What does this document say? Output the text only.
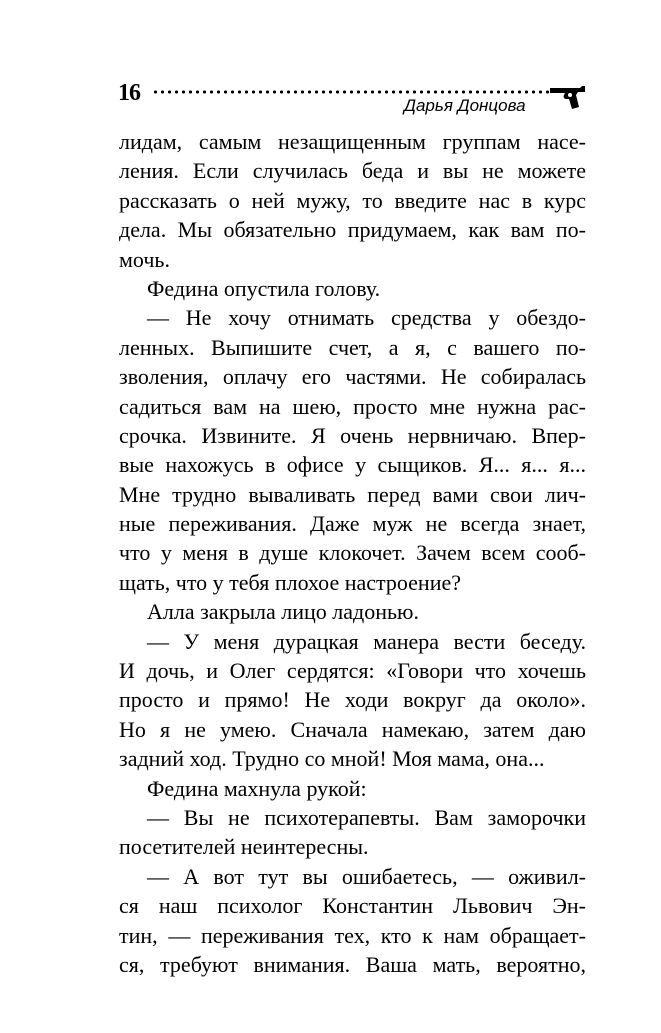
16	Дарья Донцова
лидам, самым незащищенным группам насе-
ления. Если случилась беда и вы не можете
рассказать о ней мужу, то введите нас в курс
дела. Мы обязательно придумаем, как вам по-
мочь.
Федина опустила голову.
— Не хочу отнимать средства у обездо-
ленных. Выпишите счет, а я, с вашего по-
зволения, оплачу его частями. Не собиралась
садиться вам на шею, просто мне нужна рас-
срочка. Извините. Я очень нервничаю. Впер-
вые нахожусь в офисе у сыщиков. Я... я... я...
Мне трудно вываливать перед вами свои лич-
ные переживания. Даже муж не всегда знает,
что у меня в душе клокочет. Зачем всем сооб-
щать, что у тебя плохое настроение?
Алла закрыла лицо ладонью.
— У меня дурацкая манера вести беседу.
И дочь, и Олег сердятся: «Говори что хочешь
просто и прямо! Не ходи вокруг да около».
Но я не умею. Сначала намекаю, затем даю
задний ход. Трудно со мной! Моя мама, она...
Федина махнула рукой:
— Вы не психотерапевты. Вам заморочки
посетителей неинтересны.
— А вот тут вы ошибаетесь, — оживил-
ся наш психолог Константин Львович Эн-
тин, — переживания тех, кто к нам обращает-
ся, требуют внимания. Ваша мать, вероятно,
